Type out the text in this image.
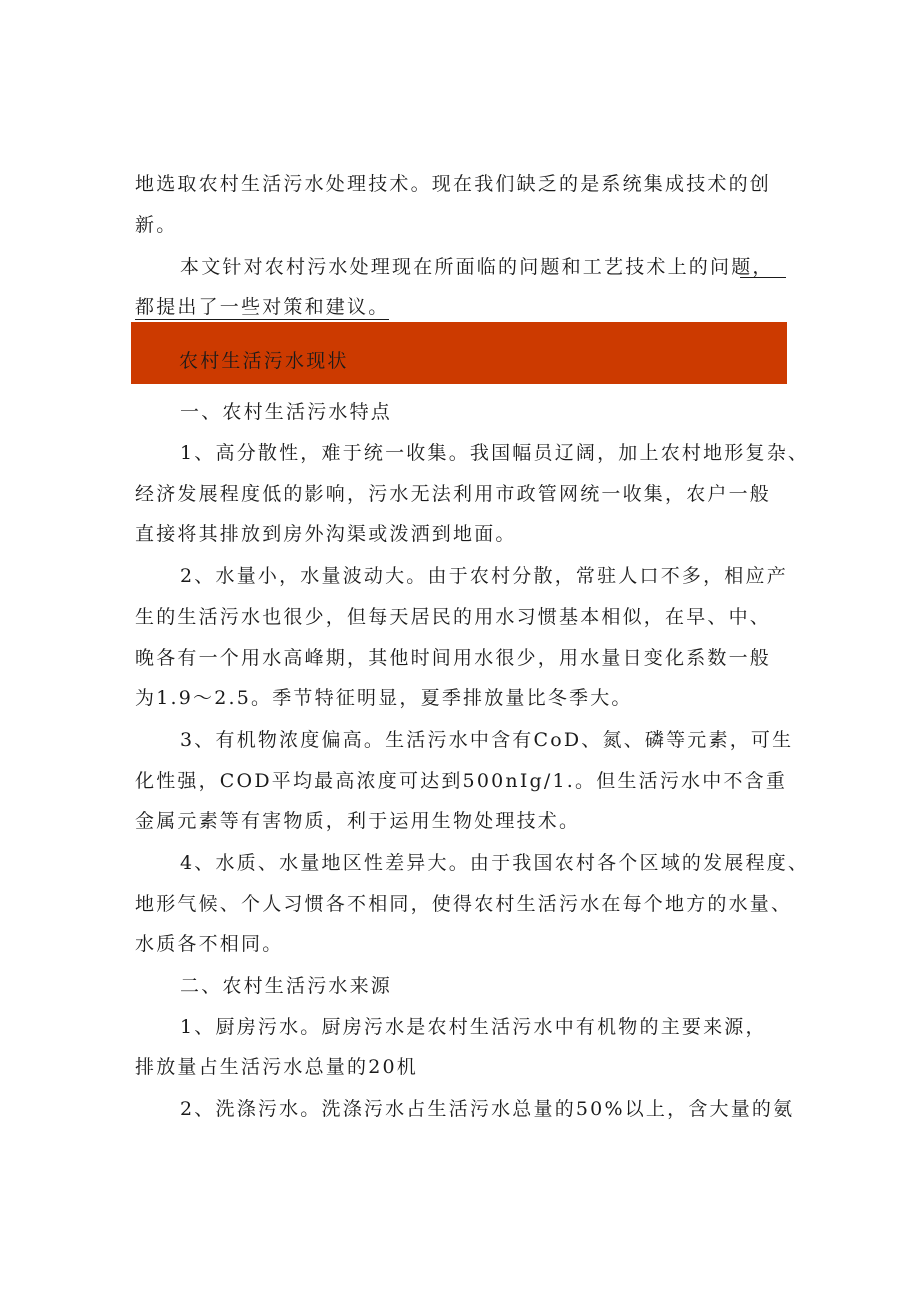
地选取农村生活污水处理技术。现在我们缺乏的是系统集成技术的创
新。
本文针对农村污水处理现在所面临的问题和工艺技术上的问题，
都提出了一些对策和建议。
农村生活污水现状
一、农村生活污水特点
1、高分散性，难于统一收集。我国幅员辽阔，加上农村地形复杂、
经济发展程度低的影响，污水无法利用市政管网统一收集，农户一般
直接将其排放到房外沟渠或泼洒到地面。
2、水量小，水量波动大。由于农村分散，常驻人口不多，相应产
生的生活污水也很少，但每天居民的用水习惯基本相似，在早、中、
晚各有一个用水高峰期，其他时间用水很少，用水量日变化系数一般
为1.9～2.5。季节特征明显，夏季排放量比冬季大。
3、有机物浓度偏高。生活污水中含有CoD、氮、磷等元素，可生
化性强，COD平均最高浓度可达到500nIg/1.。但生活污水中不含重
金属元素等有害物质，利于运用生物处理技术。
4、水质、水量地区性差异大。由于我国农村各个区域的发展程度、
地形气候、个人习惯各不相同，使得农村生活污水在每个地方的水量、
水质各不相同。
二、农村生活污水来源
1、厨房污水。厨房污水是农村生活污水中有机物的主要来源，
排放量占生活污水总量的20机
2、洗涤污水。洗涤污水占生活污水总量的50%以上，含大量的氨
